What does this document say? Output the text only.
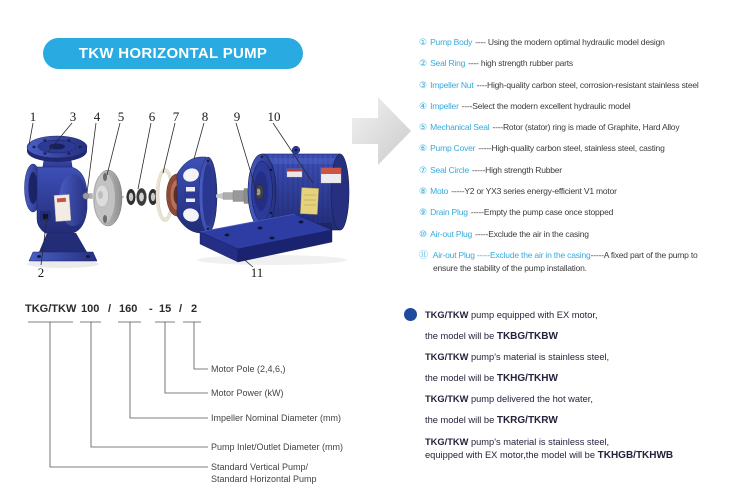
TKW HORIZONTAL PUMP
1	3 4 5 6 7 8 9 10
2	11
① Pump Body ---- Using the modern optimal hydraulic model design
② Seal Ring ---- high strength rubber parts
③ Impeller Nut ----High-quality carbon steel, corrosion-resistant stainless steel
④ Impeller ----Select the modern excellent hydraulic model
⑤ Mechanical Seal ----Rotor (stator) ring is made of Graphite, Hard Alloy
⑥ Pump Cover -----High-quality carbon steel, stainless steel, casting
⑦ Seal Circle -----High strength Rubber
⑧ Moto -----Y2 or YX3 series energy-efficient V1 motor
⑨ Drain Plug -----Empty the pump case once stopped
⑩ Air-out Plug -----Exclude the air in the casing
⑪ Air-out Plug -----Exclude the air in the casing-----A fixed part of the pump to
ensure the stability of the pump installation.
TKG/TKW 100 / 160 - 15 / 2
Motor Pole (2,4,6,)
Motor Power (kW)
Impeller Nominal Diameter (mm)
Pump Inlet/Outlet Diameter (mm)
Standard Vertical Pump/
Standard Horizontal Pump
TKG/TKW pump equipped with EX motor,
the model will be TKBG/TKBW
TKG/TKW pump's material is stainless steel,
the model will be TKHG/TKHW
TKG/TKW pump delivered the hot water,
the model will be TKRG/TKRW
TKG/TKW pump's material is stainless steel,
equipped with EX motor,the model will be TKHGB/TKHWB
